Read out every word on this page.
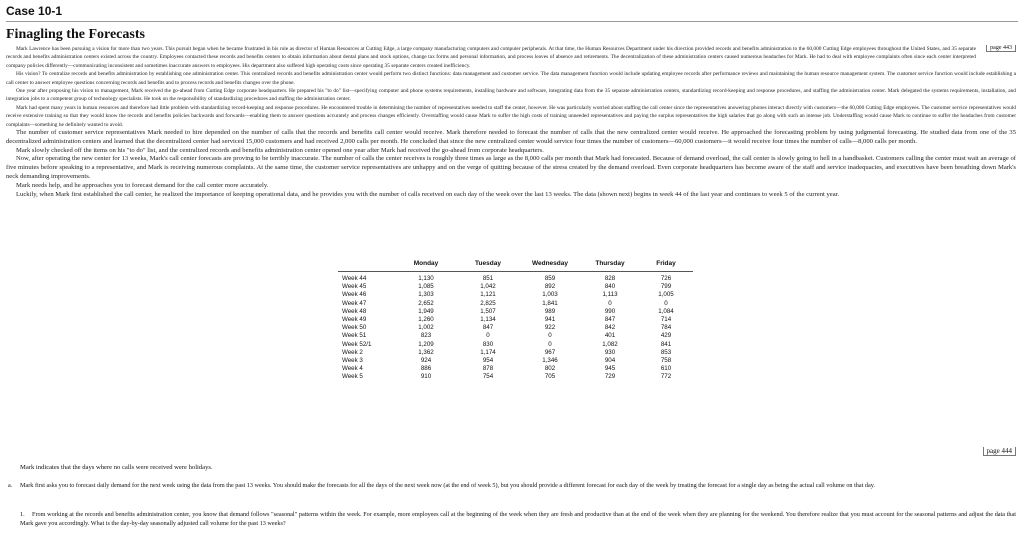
Case 10-1
Finagling the Forecasts
page 443

Mark Lawrence has been pursuing a vision for more than two years. This pursuit began when he became frustrated in his role as director of Human Resources at Cutting Edge, a large company manufacturing computers and computer peripherals. At that time, the Human Resources Department under his direction provided records and benefits administration to the 60,000 Cutting Edge employees throughout the United States, and 35 separate records and benefits administration centers existed across the country. Employees contacted these records and benefits centers to obtain information about dental plans and stock options, change tax forms and personal information, and process leaves of absence and retirements. The decentralization of these administration centers caused numerous headaches for Mark. He had to deal with employee complaints often since each center interpreted company policies differently—communicating inconsistent and sometimes inaccurate answers to employees. His department also suffered high operating costs since operating 35 separate centers created inefficiency.

His vision? To centralize records and benefits administration by establishing one administration center. This centralized records and benefits administration center would perform two distinct functions: data management and customer service. The data management function would include updating employee records after performance reviews and maintaining the human resource management system. The customer service function would include establishing a call center to answer employee questions concerning records and benefits and to process records and benefits changes over the phone.

One year after proposing his vision to management, Mark received the go-ahead from Cutting Edge corporate headquarters. He prepared his "to do" list—specifying computer and phone systems requirements, installing hardware and software, integrating data from the 35 separate administration centers, standardizing record-keeping and response procedures, and staffing the administration center. Mark delegated the systems requirements, installation, and integration jobs to a competent group of technology specialists. He took on the responsibility of standardizing procedures and staffing the administration center.

Mark had spent many years in human resources and therefore had little problem with standardizing record-keeping and response procedures. He encountered trouble in determining the number of representatives needed to staff the center, however. He was particularly worried about staffing the call center since the representatives answering phones interact directly with customers—the 60,000 Cutting Edge employees. The customer service representatives would receive extensive training so that they would know the records and benefits policies backwards and forwards—enabling them to answer questions accurately and process changes efficiently. Overstaffing would cause Mark to suffer the high costs of training unneeded representatives and paying the surplus representatives the high salaries that go along with such an intense job. Understaffing would cause Mark to continue to suffer the headaches from customer complaints—something he definitely wanted to avoid.

The number of customer service representatives Mark needed to hire depended on the number of calls that the records and benefits call center would receive. Mark therefore needed to forecast the number of calls that the new centralized center would receive. He approached the forecasting problem by using judgmental forecasting. He studied data from one of the 35 decentralized administration centers and learned that the decentralized center had serviced 15,000 customers and had received 2,000 calls per month. He concluded that since the new centralized center would service four times the number of customers—60,000 customers—it would receive four times the number of calls—8,000 calls per month.

Mark slowly checked off the items on his "to do" list, and the centralized records and benefits administration center opened one year after Mark had received the go-ahead from corporate headquarters.

Now, after operating the new center for 13 weeks, Mark's call center forecasts are proving to be terribly inaccurate. The number of calls the center receives is roughly three times as large as the 8,000 calls per month that Mark had forecasted. Because of demand overload, the call center is slowly going to hell in a handbasket. Customers calling the center must wait an average of five minutes before speaking to a representative, and Mark is receiving numerous complaints. At the same time, the customer service representatives are unhappy and on the verge of quitting because of the stress created by the demand overload. Even corporate headquarters has become aware of the staff and service inadequacies, and executives have been breathing down Mark's neck demanding improvements.

Mark needs help, and he approaches you to forecast demand for the call center more accurately.

Luckily, when Mark first established the call center, he realized the importance of keeping operational data, and he provides you with the number of calls received on each day of the week over the last 13 weeks. The data (shown next) begins in week 44 of the last year and continues to week 5 of the current year.

Monday	Tuesday	Wednesday	Thursday	Friday
Week 44	1,130	851	859	828	726
Week 45	1,085	1,042	892	840	799
Week 46	1,303	1,121	1,003	1,113	1,005
Week 47	2,652	2,825	1,841	0	0
Week 48	1,949	1,507	989	990	1,084
Week 49	1,260	1,134	941	847	714
Week 50	1,002	847	922	842	784
Week 51	823	0	0	401	429
Week 52/1	1,209	830	0	1,082	841
Week 2	1,362	1,174	967	930	853
Week 3	924	954	1,346	904	758
Week 4	886	878	802	945	610
Week 5	910	754	705	729	772
page 444
Mark indicates that the days where no calls were received were holidays.
a. Mark first asks you to forecast daily demand for the next week using the data from the past 13 weeks. You should make the forecasts for all the days of the next week now (at the end of week 5), but you should provide a different forecast for each day of the week by treating the forecast for a single day as being the actual call volume on that day.
1. From working at the records and benefits administration center, you know that demand follows "seasonal" patterns within the week. For example, more employees call at the beginning of the week when they are fresh and productive than at the end of the week when they are planning for the weekend. You therefore realize that you must account for the seasonal patterns and adjust the data that Mark gave you accordingly. What is the day-by-day seasonally adjusted call volume for the past 13 weeks?
